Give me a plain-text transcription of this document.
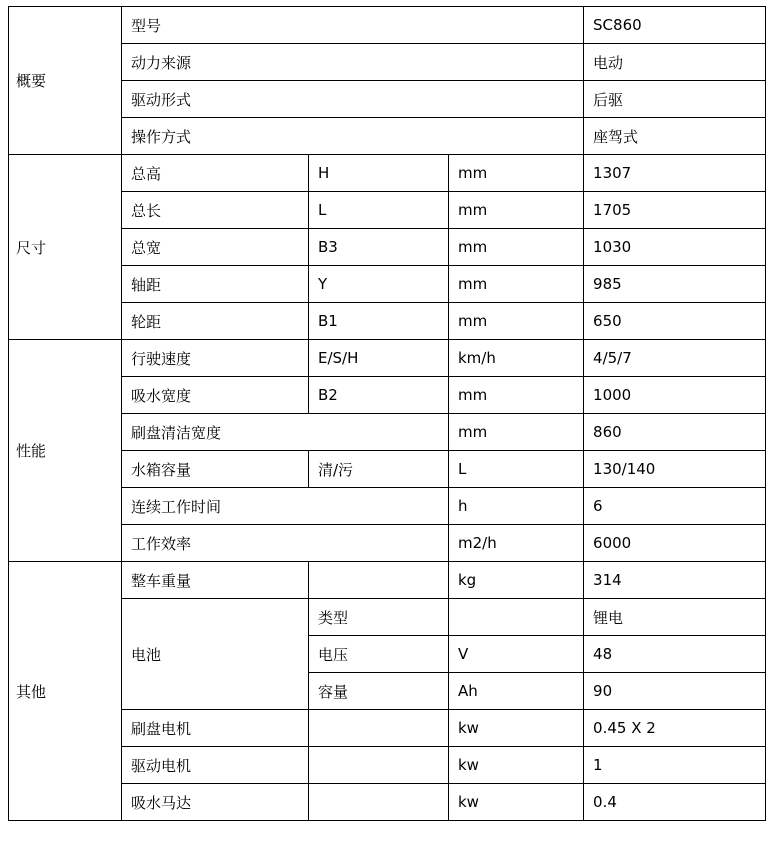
概要	型号			SC860
	动力来源			电动
	驱动形式			后驱
	操作方式			座驾式
尺寸	总高	H	mm	1307
	总长	L	mm	1705
	总宽	B3	mm	1030
	轴距	Y	mm	985
	轮距	B1	mm	650
性能	行驶速度	E/S/H	km/h	4/5/7
	吸水宽度	B2	mm	1000
	刷盘清洁宽度		mm	860
	水箱容量	清/污	L	130/140
	连续工作时间		h	6
	工作效率		m2/h	6000
其他	整车重量		kg	314
	电池	类型		锂电
		电压	V	48
		容量	Ah	90
	刷盘电机		kw	0.45 X 2
	驱动电机		kw	1
	吸水马达		kw	0.4
